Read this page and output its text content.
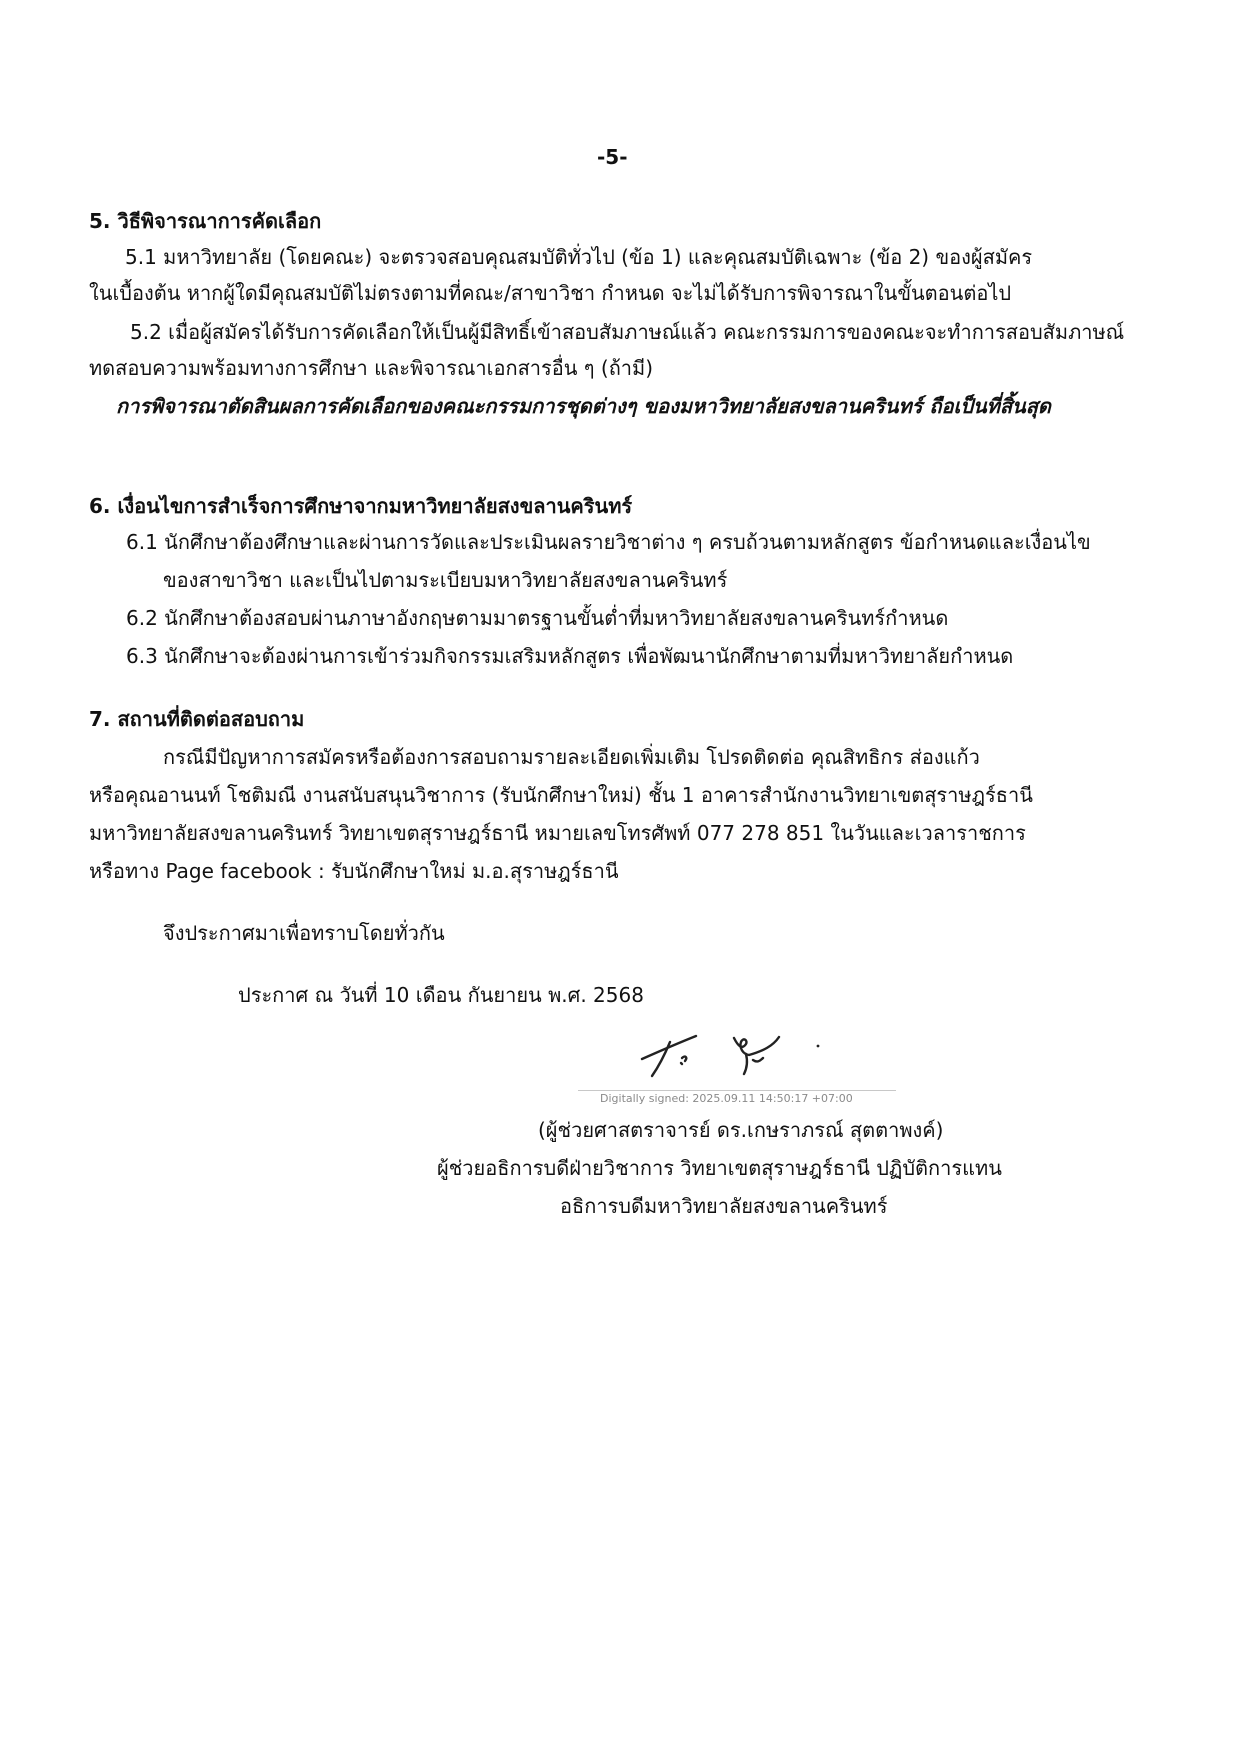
-5-
5. วิธีพิจารณาการคัดเลือก
5.1 มหาวิทยาลัย (โดยคณะ) จะตรวจสอบคุณสมบัติทั่วไป (ข้อ 1) และคุณสมบัติเฉพาะ (ข้อ 2) ของผู้สมัคร
ในเบื้องต้น หากผู้ใดมีคุณสมบัติไม่ตรงตามที่คณะ/สาขาวิชา กำหนด จะไม่ได้รับการพิจารณาในขั้นตอนต่อไป
5.2 เมื่อผู้สมัครได้รับการคัดเลือกให้เป็นผู้มีสิทธิ์เข้าสอบสัมภาษณ์แล้ว คณะกรรมการของคณะจะทำการสอบสัมภาษณ์
ทดสอบความพร้อมทางการศึกษา และพิจารณาเอกสารอื่น ๆ (ถ้ามี)
การพิจารณาตัดสินผลการคัดเลือกของคณะกรรมการชุดต่างๆ ของมหาวิทยาลัยสงขลานครินทร์ ถือเป็นที่สิ้นสุด
6. เงื่อนไขการสำเร็จการศึกษาจากมหาวิทยาลัยสงขลานครินทร์
6.1 นักศึกษาต้องศึกษาและผ่านการวัดและประเมินผลรายวิชาต่าง ๆ ครบถ้วนตามหลักสูตร ข้อกำหนดและเงื่อนไข
ของสาขาวิชา และเป็นไปตามระเบียบมหาวิทยาลัยสงขลานครินทร์
6.2 นักศึกษาต้องสอบผ่านภาษาอังกฤษตามมาตรฐานขั้นต่ำที่มหาวิทยาลัยสงขลานครินทร์กำหนด
6.3 นักศึกษาจะต้องผ่านการเข้าร่วมกิจกรรมเสริมหลักสูตร เพื่อพัฒนานักศึกษาตามที่มหาวิทยาลัยกำหนด
7. สถานที่ติดต่อสอบถาม
กรณีมีปัญหาการสมัครหรือต้องการสอบถามรายละเอียดเพิ่มเติม โปรดติดต่อ คุณสิทธิกร ส่องแก้ว
หรือคุณอานนท์ โชติมณี งานสนับสนุนวิชาการ (รับนักศึกษาใหม่) ชั้น 1 อาคารสำนักงานวิทยาเขตสุราษฎร์ธานี
มหาวิทยาลัยสงขลานครินทร์ วิทยาเขตสุราษฎร์ธานี หมายเลขโทรศัพท์ 077 278 851 ในวันและเวลาราชการ
หรือทาง Page facebook : รับนักศึกษาใหม่ ม.อ.สุราษฎร์ธานี
จึงประกาศมาเพื่อทราบโดยทั่วกัน
ประกาศ ณ วันที่ 10 เดือน กันยายน พ.ศ. 2568
Digitally signed: 2025.09.11 14:50:17 +07:00
(ผู้ช่วยศาสตราจารย์ ดร.เกษราภรณ์ สุตตาพงค์)
ผู้ช่วยอธิการบดีฝ่ายวิชาการ วิทยาเขตสุราษฎร์ธานี ปฏิบัติการแทน
อธิการบดีมหาวิทยาลัยสงขลานครินทร์
